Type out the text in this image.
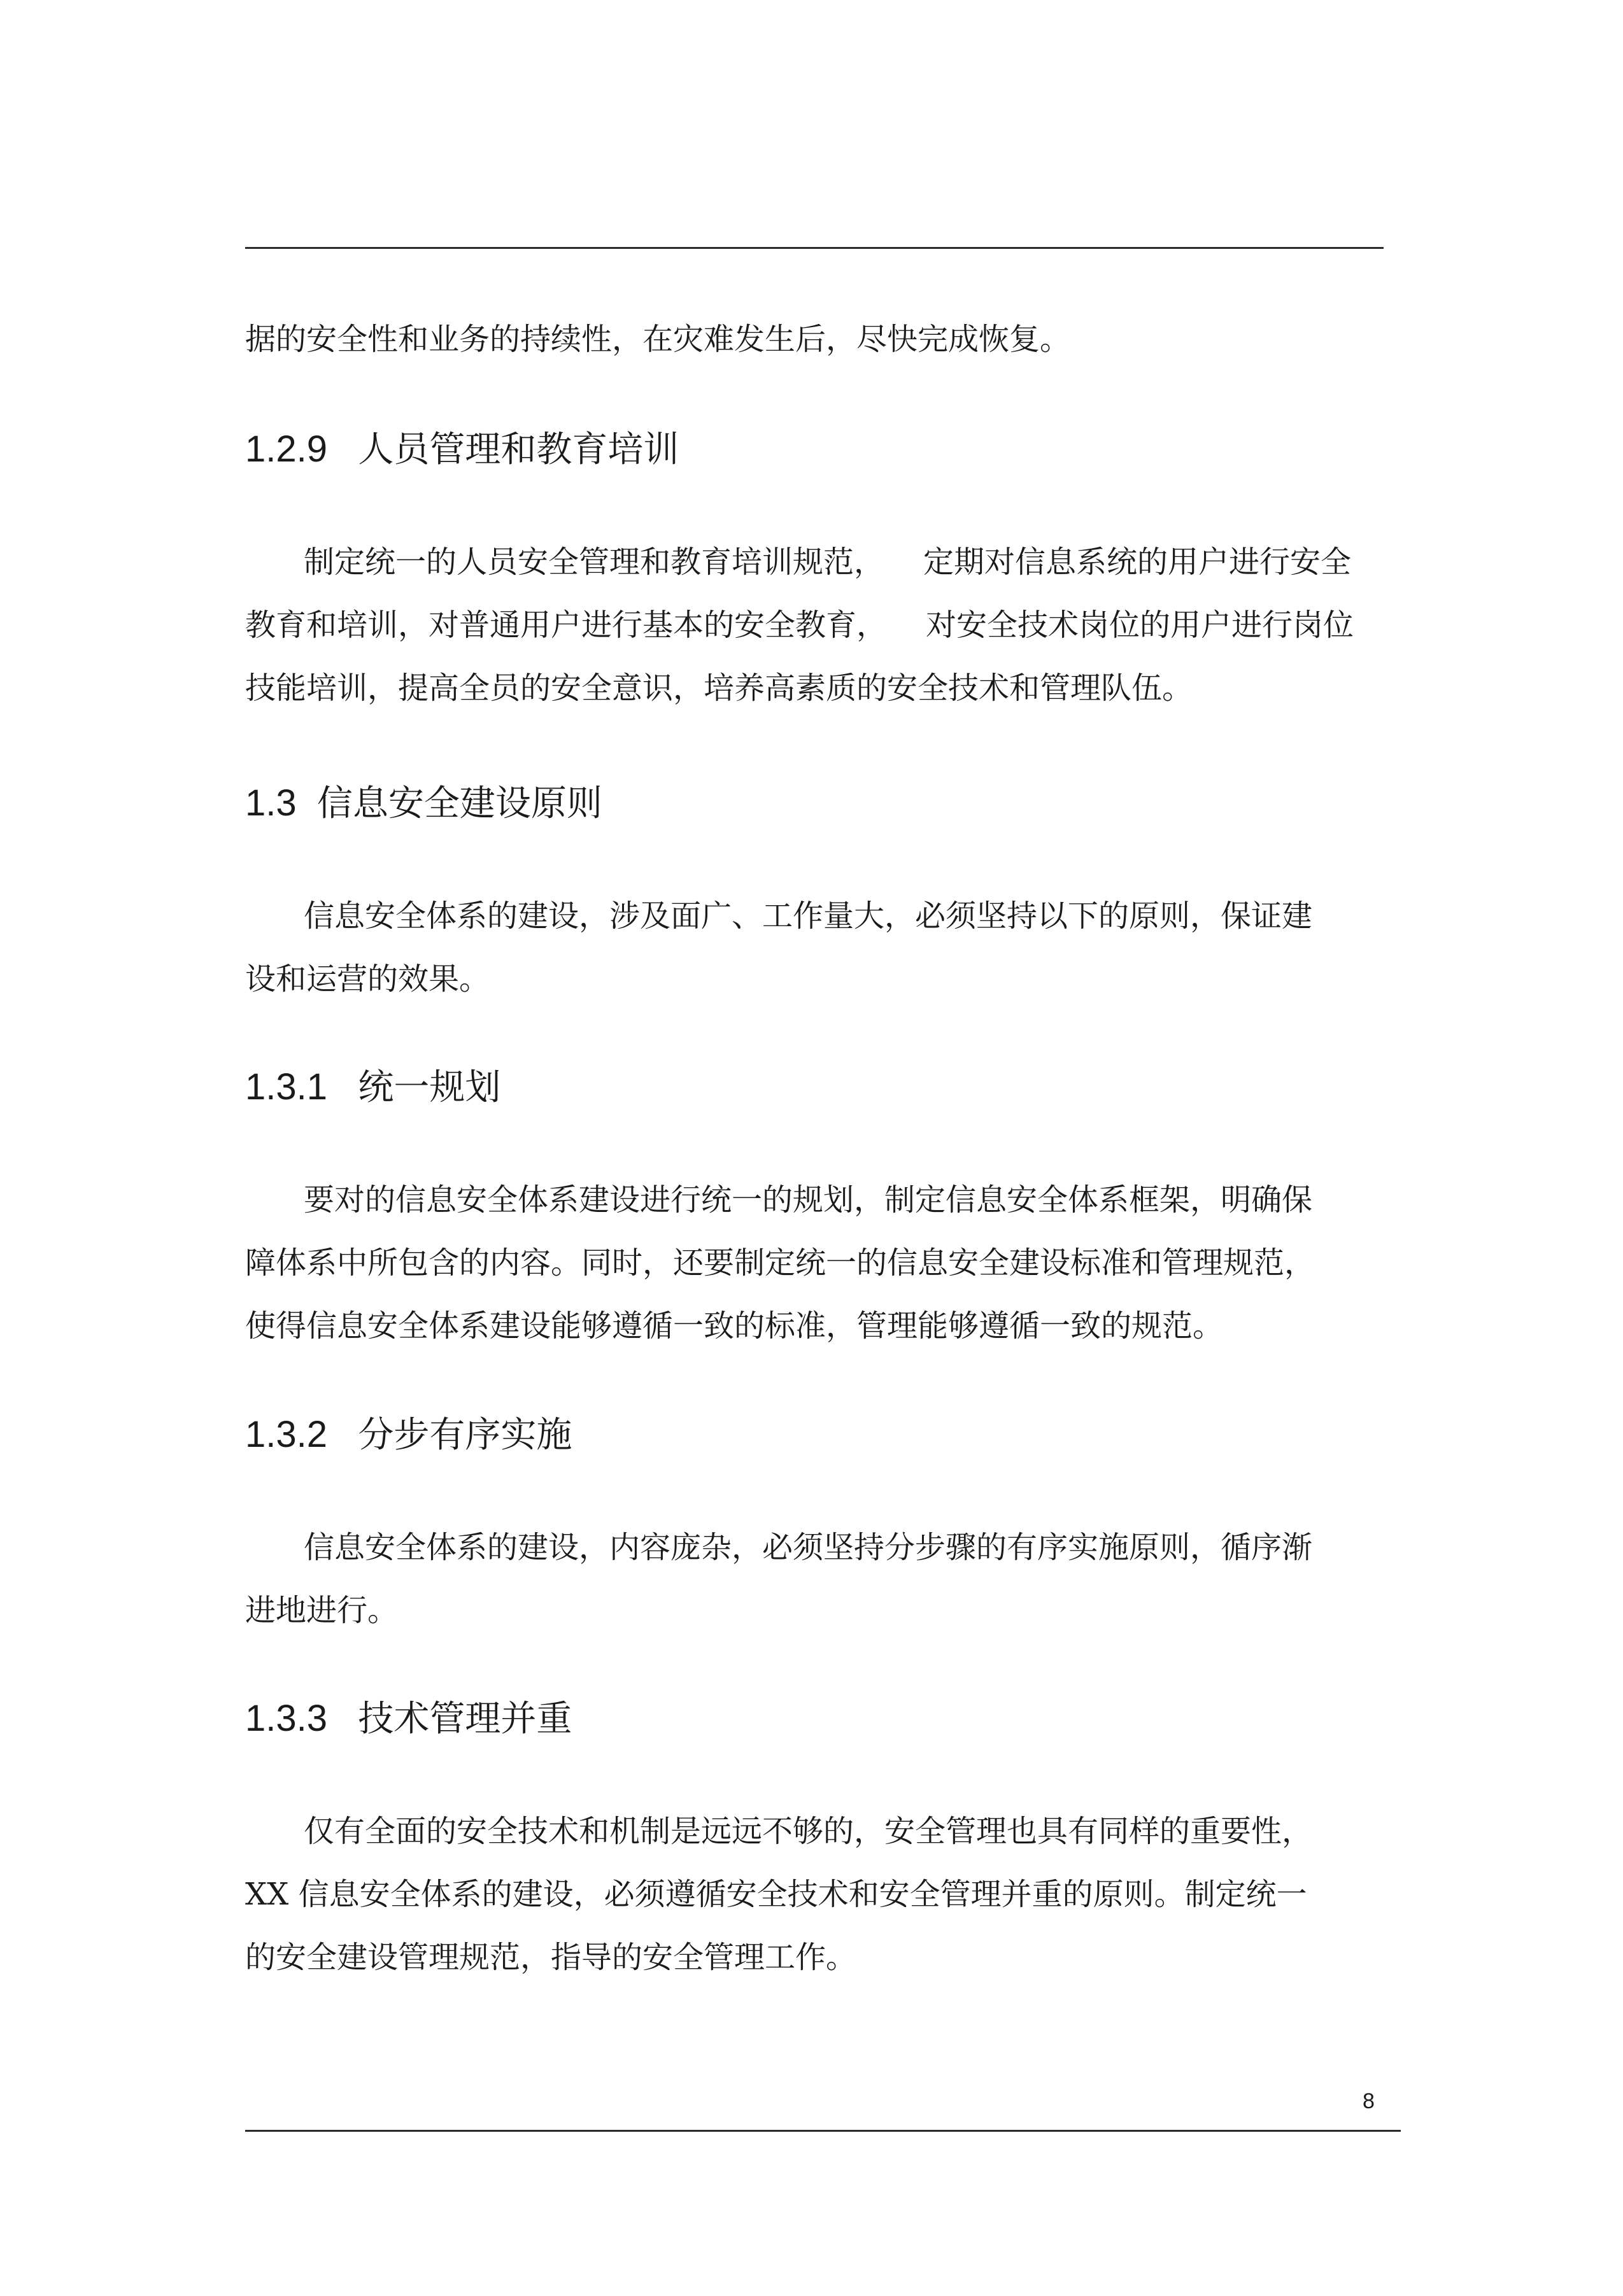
据的安全性和业务的持续性，在灾难发生后，尽快完成恢复。

1.2.9 人员管理和教育培训

制定统一的人员安全管理和教育培训规范，    定期对信息系统的用户进行安全
教育和培训，对普通用户进行基本的安全教育，    对安全技术岗位的用户进行岗位
技能培训，提高全员的安全意识，培养高素质的安全技术和管理队伍。

1.3 信息安全建设原则

信息安全体系的建设，涉及面广、工作量大，必须坚持以下的原则，保证建
设和运营的效果。

1.3.1 统一规划

要对的信息安全体系建设进行统一的规划，制定信息安全体系框架，明确保
障体系中所包含的内容。同时，还要制定统一的信息安全建设标准和管理规范，
使得信息安全体系建设能够遵循一致的标准，管理能够遵循一致的规范。

1.3.2 分步有序实施

信息安全体系的建设，内容庞杂，必须坚持分步骤的有序实施原则，循序渐
进地进行。

1.3.3 技术管理并重

仅有全面的安全技术和机制是远远不够的，安全管理也具有同样的重要性，
XX 信息安全体系的建设，必须遵循安全技术和安全管理并重的原则。制定统一
的安全建设管理规范，指导的安全管理工作。

8
